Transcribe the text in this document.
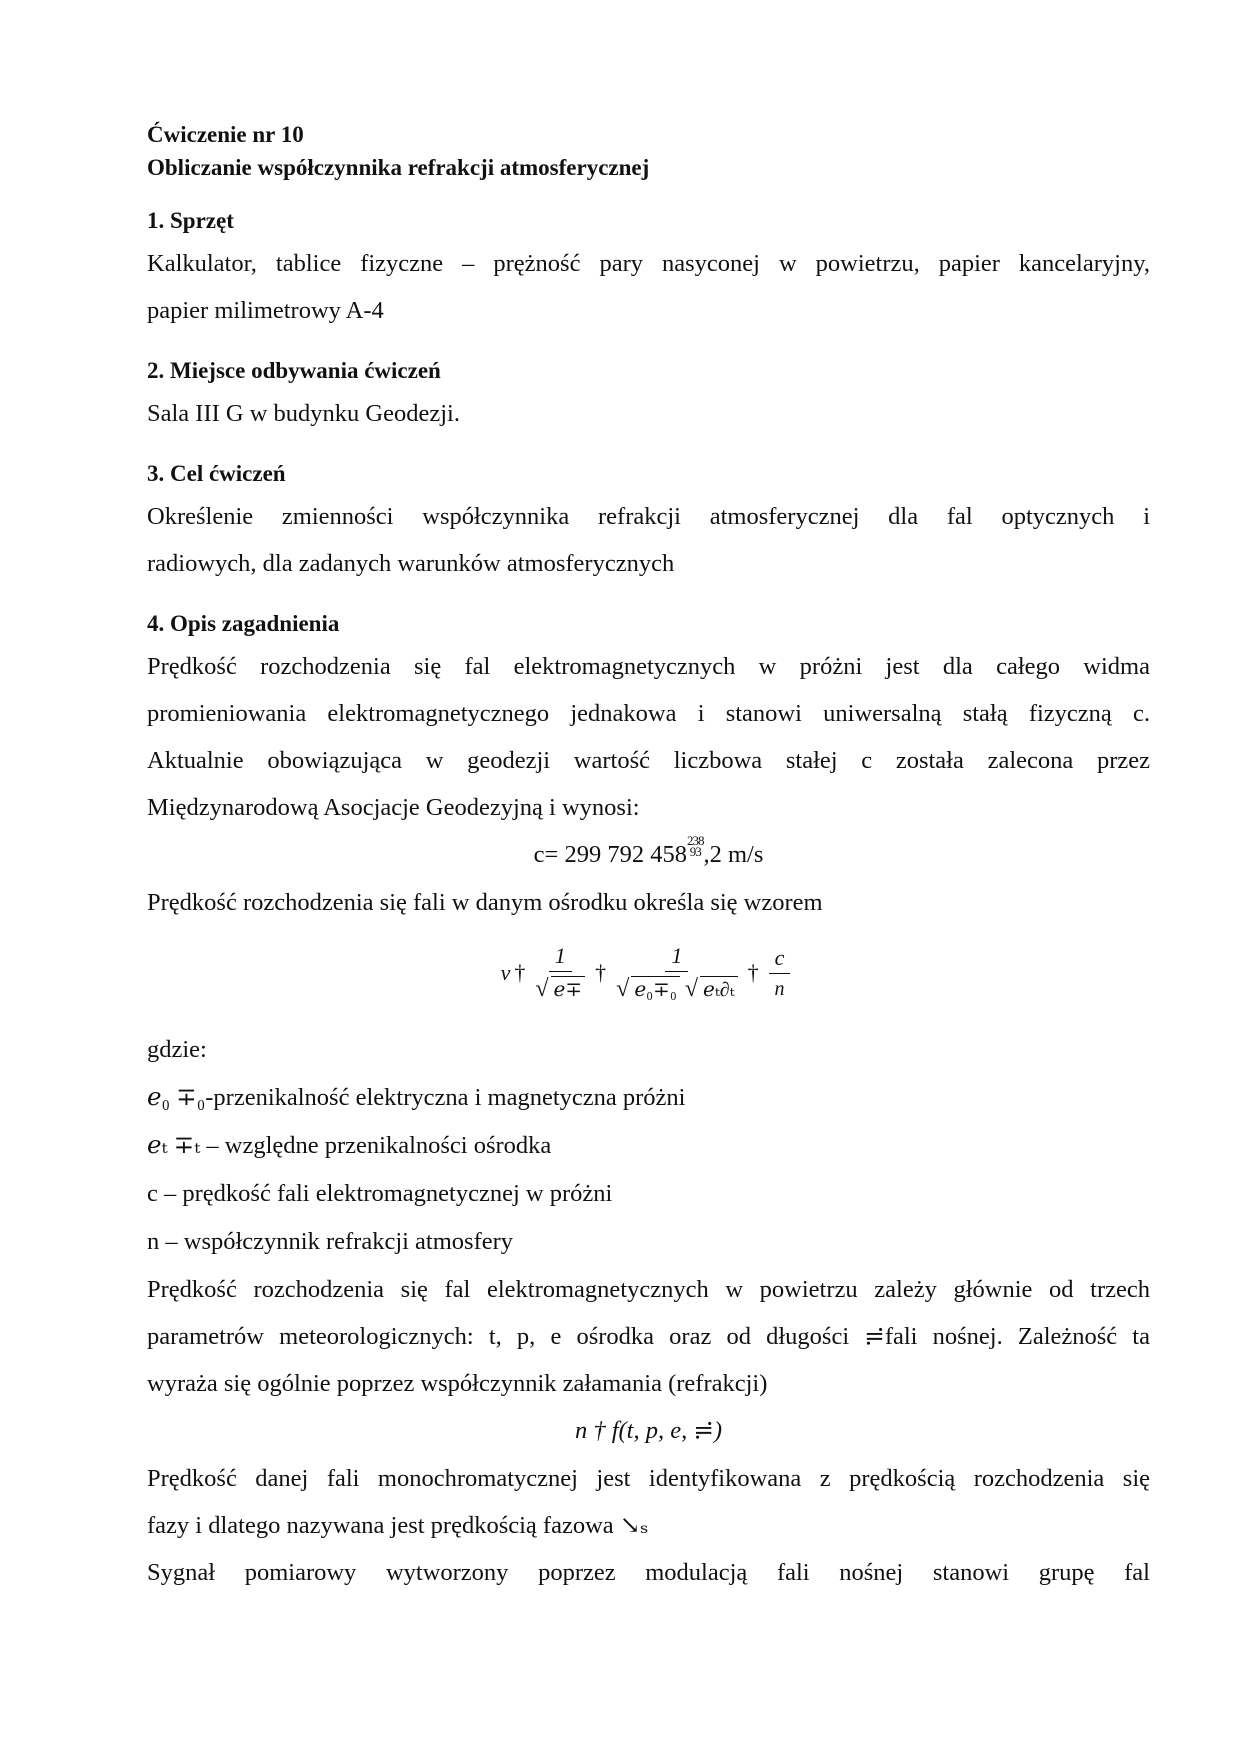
Ćwiczenie nr 10

Obliczanie współczynnika refrakcji atmosferycznej

1. Sprzęt

Kalkulator, tablice fizyczne – prężność pary nasyconej w powietrzu, papier kancelaryjny,

papier milimetrowy A-4

2. Miejsce odbywania ćwiczeń

Sala III G w budynku Geodezji.

3. Cel ćwiczeń

Określenie zmienności współczynnika refrakcji atmosferycznej dla fal optycznych i

radiowych, dla zadanych warunków atmosferycznych

4. Opis zagadnienia

Prędkość rozchodzenia się fal elektromagnetycznych w próżni jest dla całego widma

promieniowania elektromagnetycznego jednakowa i stanowi uniwersalną stałą fizyczną c.

Aktualnie obowiązująca w geodezji wartość liczbowa stałej c została zalecona przez

Międzynarodową Asocjacje Geodezyjną i wynosi:

c= 299 792 458238
93 ,2 m/s

Prędkość rozchodzenia się fali w danym ośrodku określa się wzorem

v † $\frac{1}{\text{√ ℯ∓}}$ † $\frac{1}{\text{√ ℯ₀∓₀ √ ℯₜ∂ₜ}}$ † $\frac{c}{n}$

gdzie:

ℯ₀ ∓₀-przenikalność elektryczna i magnetyczna próżni

ℯₜ ∓ₜ – względne przenikalności ośrodka

c – prędkość fali elektromagnetycznej w próżni

n – współczynnik refrakcji atmosfery

Prędkość rozchodzenia się fal elektromagnetycznych w powietrzu zależy głównie od trzech

parametrów meteorologicznych: t, p, e ośrodka oraz od długości ≓fali nośnej. Zależność ta

wyraża się ogólnie poprzez współczynnik załamania (refrakcji)

n † f(t, p, e, ≓)

Prędkość danej fali monochromatycznej jest identyfikowana z prędkością rozchodzenia się

fazy i dlatego nazywana jest prędkością fazowa ↘ₛ

Sygnał pomiarowy wytworzony poprzez modulacją fali nośnej stanowi grupę fal
